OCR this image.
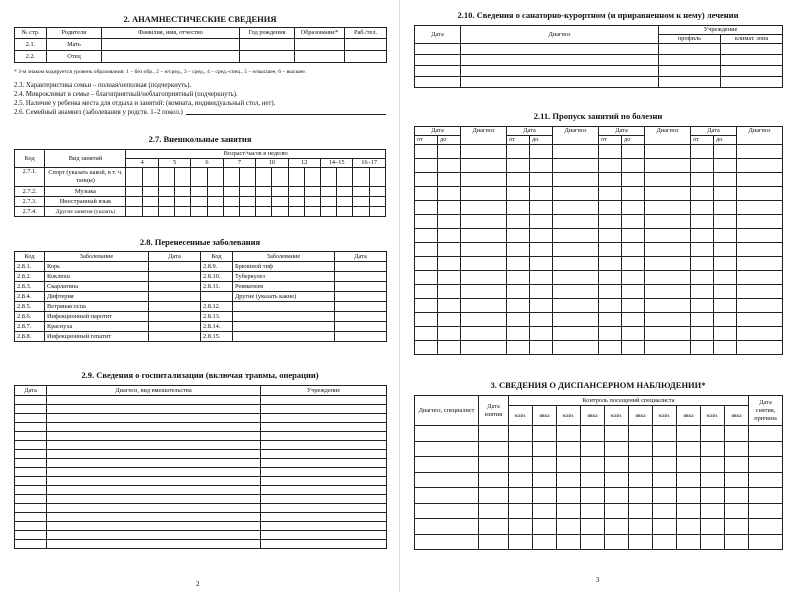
2. АНАМНЕСТИЧЕСКИЕ СВЕДЕНИЯ
№ стр.	Родители	Фамилия, имя, отчество	Год рождения	Образование*	Раб./тел.
2.1.	Мать				
2.2.	Отец				
* 3-м знаком кодируется уровень образования: 1 – без обр., 2 – н/сред., 3 – сред., 4 – сред.-спец., 5 – н/высшее, 6 – высшее.
2.3. Характеристика семьи – полная/неполная (подчеркнуть).
2.4. Микроклимат в семье – благоприятный/неблагоприятный (подчеркнуть).
2.5. Наличие у ребенка места для отдыха и занятий: (комната, индивидуальный стол, нет).
2.6. Семейный анамнез (заболевания у родств. 1–2 покол.)
2.7. Внешкольные занятия
Код	Вид занятий	Возраст/часов в неделю															
		4		5		6		7		10		12		14–15		16–17	
2.7.1.	Спорт (указать какой, в т. ч. танцы)																
2.7.2.	Музыка																
2.7.3.	Иностранный язык																
2.7.4.	Другие занятия (указать)																
2.8. Перенесенные заболевания
Код	Заболевание	Дата	Код	Заболевание	Дата
2.8.1.	Корь		2.8.9.	Брюшной тиф	
2.8.2.	Коклюш		2.8.10.	Туберкулез	
2.8.3.	Скарлатина		2.8.11.	Ревматизм	
2.8.4.	Дифтерия			Другие (указать какие)	
2.8.5.	Ветряная оспа		2.8.12.		
2.8.6.	Инфекционный паротит		2.8.13.		
2.8.7.	Краснуха		2.8.14.		
2.8.8.	Инфекционный гепатит		2.8.15.		
2.9. Сведения о госпитализации (включая травмы, операции)
Дата	Диагноз, вид вмешательства	Учреждение

2
2.10. Сведения о санаторно-курортном (и приравненном к нему) лечении
Дата	Диагноз	Учреждение	
		профиль	климат. зона

2.11. Пропуск занятий по болезни
Дата		Диагноз	Дата		Диагноз	Дата		Диагноз	Дата		Диагноз
от	до		от	до		от	до		от	до	

3. СВЕДЕНИЯ О ДИСПАНСЕРНОМ НАБЛЮДЕНИИ*
Диагноз, специалист	Дата взятия	Контроль посещений специалиста										Дата снятия, причина
		назн.	явка	назн.	явка	назн.	явка	назн.	явка	назн.	явка	

3
